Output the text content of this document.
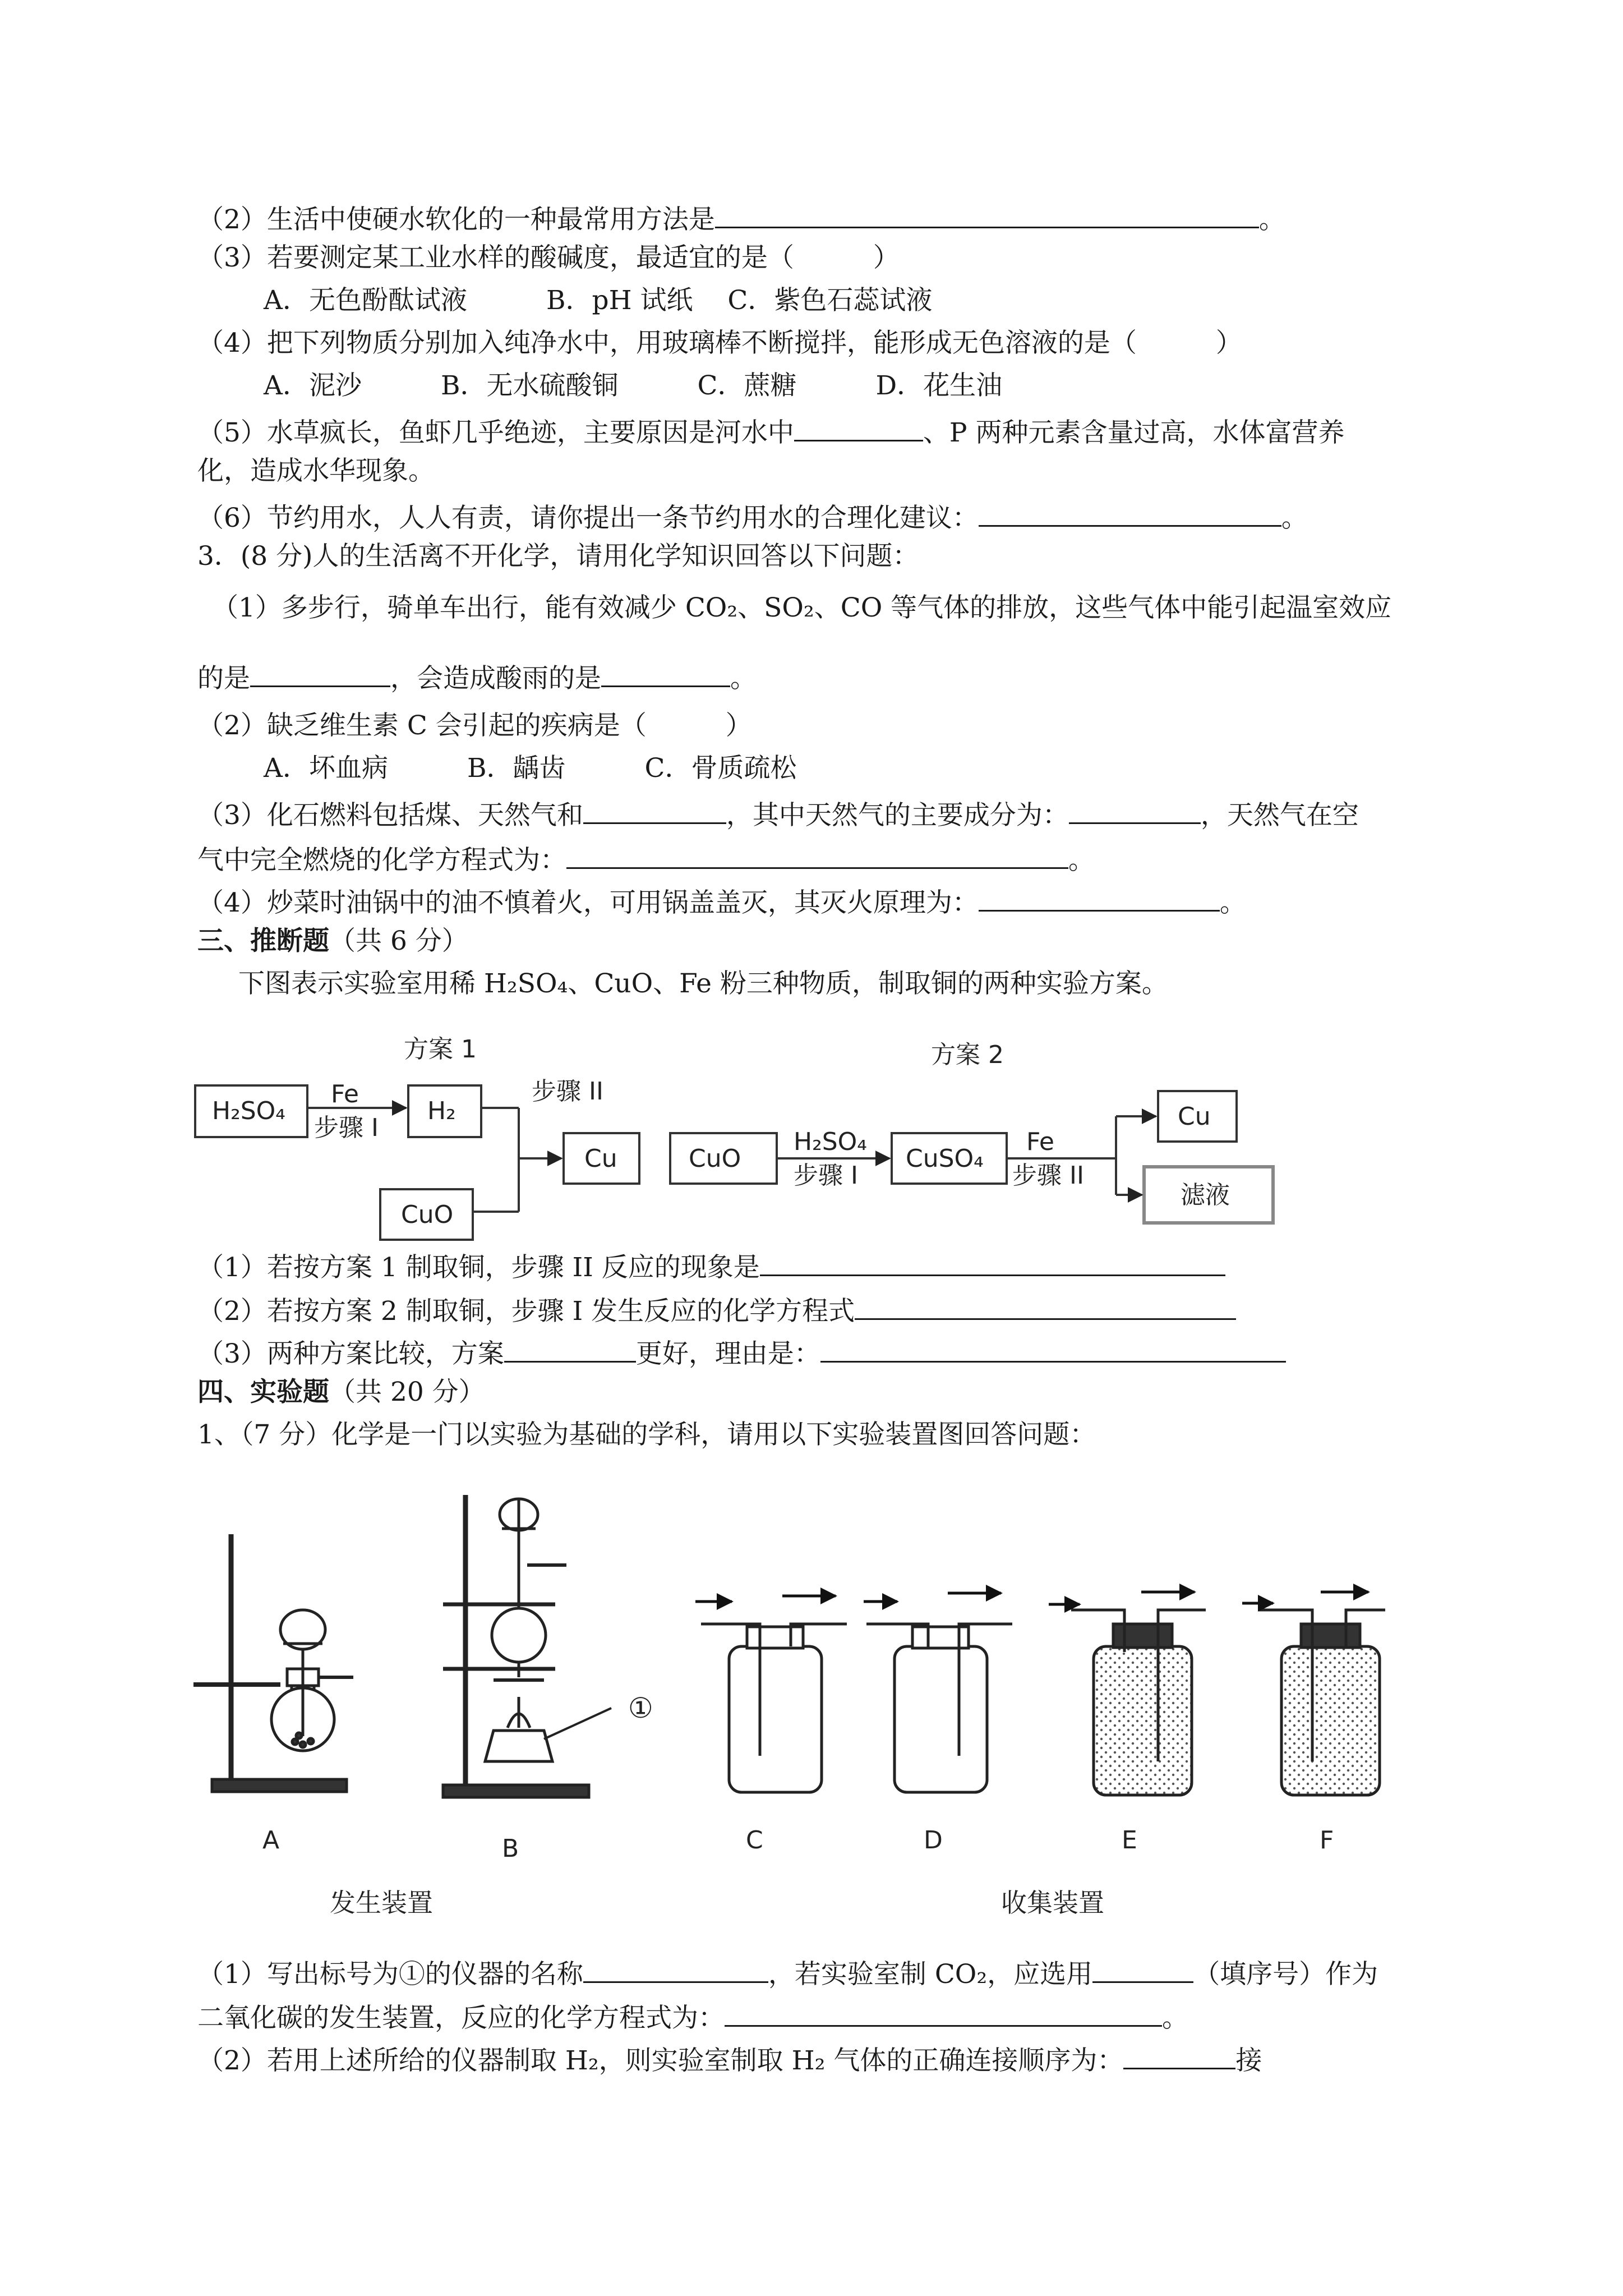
（2）生活中使硬水软化的一种最常用方法是	。
（3）若要测定某工业水样的酸碱度，最适宜的是（　　　）
A．无色酚酞试液　　　B．pH 试纸　 C．紫色石蕊试液
（4）把下列物质分别加入纯净水中，用玻璃棒不断搅拌，能形成无色溶液的是（　　　）
A．泥沙　　　B．无水硫酸铜　　　C．蔗糖　　　D．花生油
（5）水草疯长，鱼虾几乎绝迹，主要原因是河水中	、P 两种元素含量过高，水体富营养
化，造成水华现象。
（6）节约用水，人人有责，请你提出一条节约用水的合理化建议：	。
3．(8 分)人的生活离不开化学，请用化学知识回答以下问题：
（1）多步行，骑单车出行，能有效减少 CO₂、SO₂、CO 等气体的排放，这些气体中能引起温室效应
的是	，会造成酸雨的是	。
（2）缺乏维生素 C 会引起的疾病是（　　　）
A．坏血病　　　B．龋齿　　　C．骨质疏松
（3）化石燃料包括煤、天然气和	，其中天然气的主要成分为：	，天然气在空
气中完全燃烧的化学方程式为：	。
（4）炒菜时油锅中的油不慎着火，可用锅盖盖灭，其灭火原理为：	。
三、推断题（共 6 分）
下图表示实验室用稀 H₂SO₄、CuO、Fe 粉三种物质，制取铜的两种实验方案。
方案 1	方案 2
H₂SO₄
Fe
步骤 I
H₂
步骤 II
Cu
CuO
CuO
H₂SO₄
步骤 I
CuSO₄
Fe
步骤 II
Cu
滤液
（1）若按方案 1 制取铜，步骤 II 反应的现象是
（2）若按方案 2 制取铜，步骤 I 发生反应的化学方程式
（3）两种方案比较，方案	更好，理由是：
四、实验题（共 20 分）
1、（7 分）化学是一门以实验为基础的学科，请用以下实验装置图回答问题：
①
A	B	C	D	E	F
发生装置	收集装置
（1）写出标号为①的仪器的名称	，若实验室制 CO₂，应选用	（填序号）作为
二氧化碳的发生装置，反应的化学方程式为：	。
（2）若用上述所给的仪器制取 H₂，则实验室制取 H₂ 气体的正确连接顺序为：	接
